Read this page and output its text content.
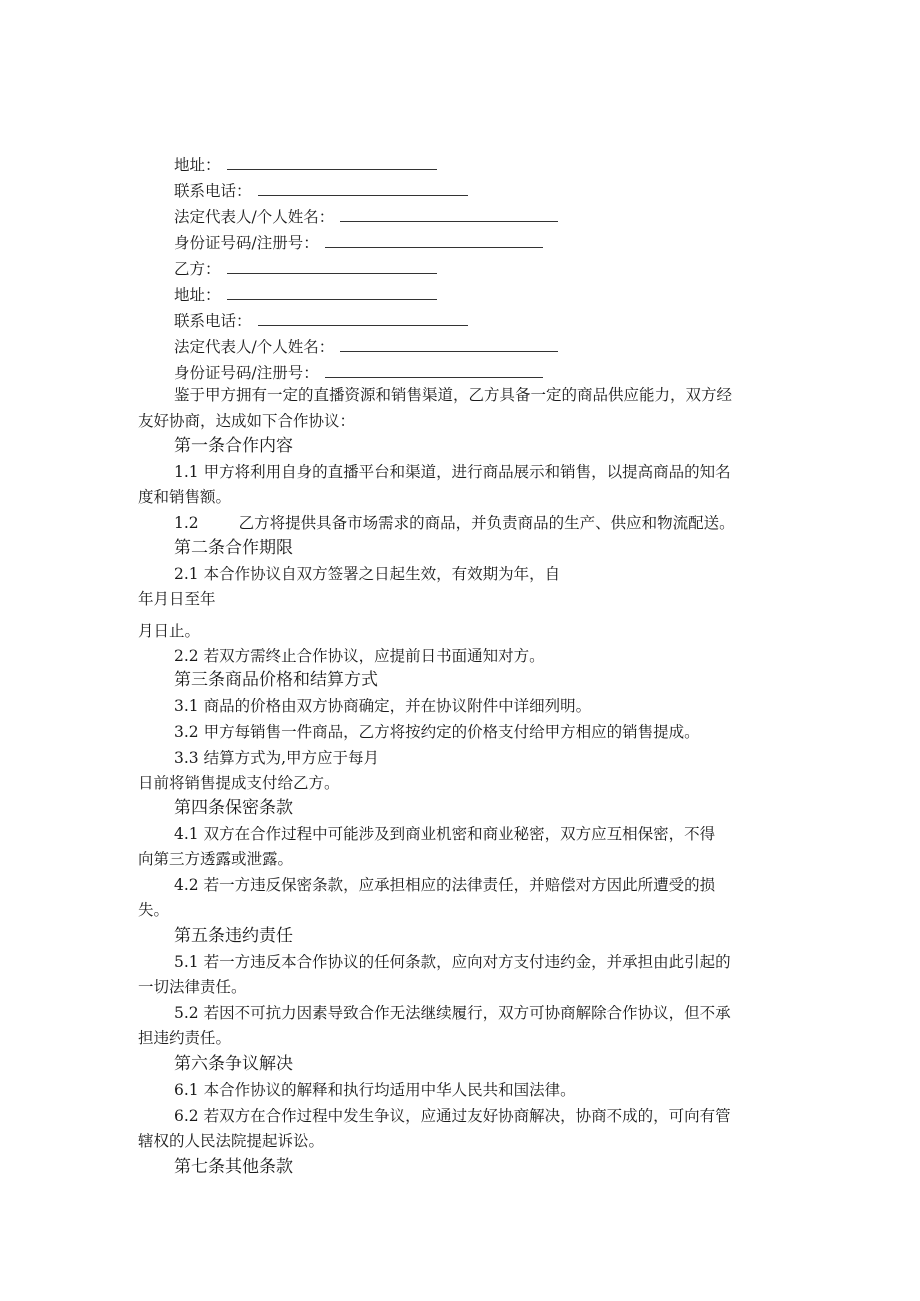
地址：
联系电话：
法定代表人/个人姓名：
身份证号码/注册号：
乙方：
地址：
联系电话：
法定代表人/个人姓名：
身份证号码/注册号：
鉴于甲方拥有一定的直播资源和销售渠道，乙方具备一定的商品供应能力，双方经
友好协商，达成如下合作协议：
第一条合作内容
1.1 甲方将利用自身的直播平台和渠道，进行商品展示和销售，以提高商品的知名
度和销售额。
1.2	乙方将提供具备市场需求的商品，并负责商品的生产、供应和物流配送。
第二条合作期限
2.1 本合作协议自双方签署之日起生效，有效期为年，自
年月日至年
月日止。
2.2 若双方需终止合作协议，应提前日书面通知对方。
第三条商品价格和结算方式
3.1 商品的价格由双方协商确定，并在协议附件中详细列明。
3.2 甲方每销售一件商品，乙方将按约定的价格支付给甲方相应的销售提成。
3.3 结算方式为,甲方应于每月
日前将销售提成支付给乙方。
第四条保密条款
4.1 双方在合作过程中可能涉及到商业机密和商业秘密，双方应互相保密，不得
向第三方透露或泄露。
4.2 若一方违反保密条款，应承担相应的法律责任，并赔偿对方因此所遭受的损
失。
第五条违约责任
5.1 若一方违反本合作协议的任何条款，应向对方支付违约金，并承担由此引起的
一切法律责任。
5.2 若因不可抗力因素导致合作无法继续履行，双方可协商解除合作协议，但不承
担违约责任。
第六条争议解决
6.1 本合作协议的解释和执行均适用中华人民共和国法律。
6.2 若双方在合作过程中发生争议，应通过友好协商解决，协商不成的，可向有管
辖权的人民法院提起诉讼。
第七条其他条款
